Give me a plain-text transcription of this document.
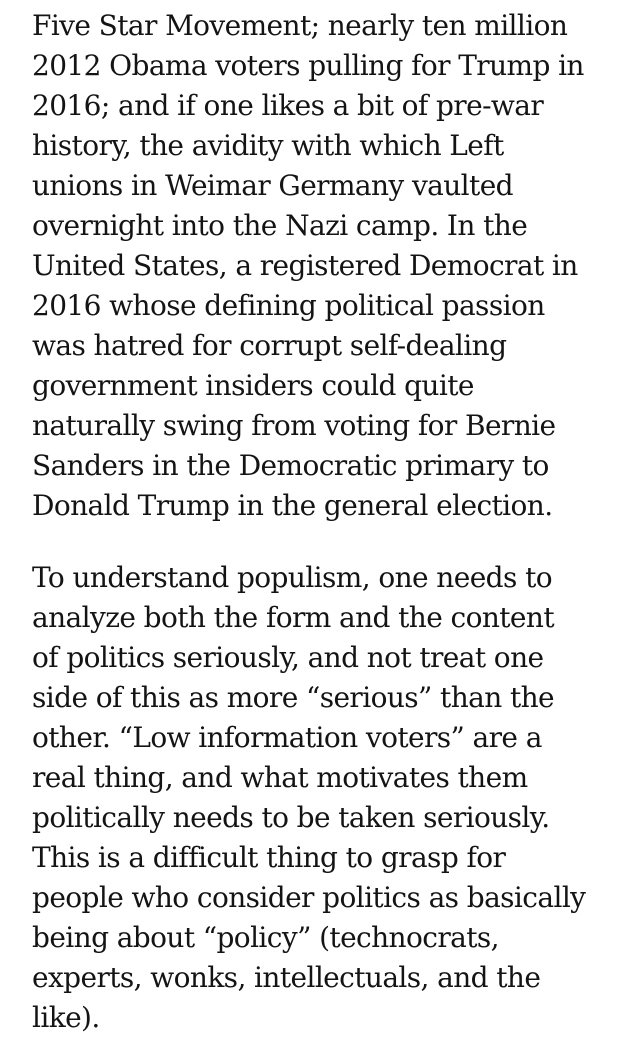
Five Star Movement; nearly ten million
2012 Obama voters pulling for Trump in
2016; and if one likes a bit of pre-war
history, the avidity with which Left
unions in Weimar Germany vaulted
overnight into the Nazi camp. In the
United States, a registered Democrat in
2016 whose defining political passion
was hatred for corrupt self-dealing
government insiders could quite
naturally swing from voting for Bernie
Sanders in the Democratic primary to
Donald Trump in the general election.
To understand populism, one needs to
analyze both the form and the content
of politics seriously, and not treat one
side of this as more “serious” than the
other. “Low information voters” are a
real thing, and what motivates them
politically needs to be taken seriously.
This is a difficult thing to grasp for
people who consider politics as basically
being about “policy” (technocrats,
experts, wonks, intellectuals, and the
like).
